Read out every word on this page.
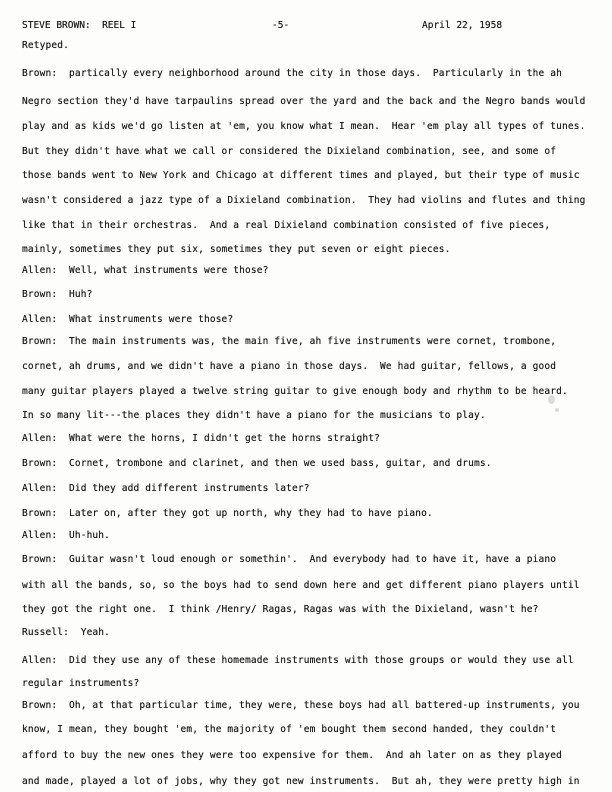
STEVE BROWN:  REEL I	-5-	April 22, 1958
Retyped.
Brown:  partically every neighborhood around the city in those days.  Particularly in the ah
Negro section they'd have tarpaulins spread over the yard and the back and the Negro bands would
play and as kids we'd go listen at 'em, you know what I mean.  Hear 'em play all types of tunes.
But they didn't have what we call or considered the Dixieland combination, see, and some of
those bands went to New York and Chicago at different times and played, but their type of music
wasn't considered a jazz type of a Dixieland combination.  They had violins and flutes and thing
like that in their orchestras.  And a real Dixieland combination consisted of five pieces,
mainly, sometimes they put six, sometimes they put seven or eight pieces.
Allen:  Well, what instruments were those?
Brown:  Huh?
Allen:  What instruments were those?
Brown:  The main instruments was, the main five, ah five instruments were cornet, trombone,
cornet, ah drums, and we didn't have a piano in those days.  We had guitar, fellows, a good
many guitar players played a twelve string guitar to give enough body and rhythm to be heard.
In so many lit---the places they didn't have a piano for the musicians to play.
Allen:  What were the horns, I didn't get the horns straight?
Brown:  Cornet, trombone and clarinet, and then we used bass, guitar, and drums.
Allen:  Did they add different instruments later?
Brown:  Later on, after they got up north, why they had to have piano.
Allen:  Uh-huh.
Brown:  Guitar wasn't loud enough or somethin'.  And everybody had to have it, have a piano
with all the bands, so, so the boys had to send down here and get different piano players until
they got the right one.  I think /Henry/ Ragas, Ragas was with the Dixieland, wasn't he?
Russell:  Yeah.
Allen:  Did they use any of these homemade instruments with those groups or would they use all
regular instruments?
Brown:  Oh, at that particular time, they were, these boys had all battered-up instruments, you
know, I mean, they bought 'em, the majority of 'em bought them second handed, they couldn't
afford to buy the new ones they were too expensive for them.  And ah later on as they played
and made, played a lot of jobs, why they got new instruments.  But ah, they were pretty high in
